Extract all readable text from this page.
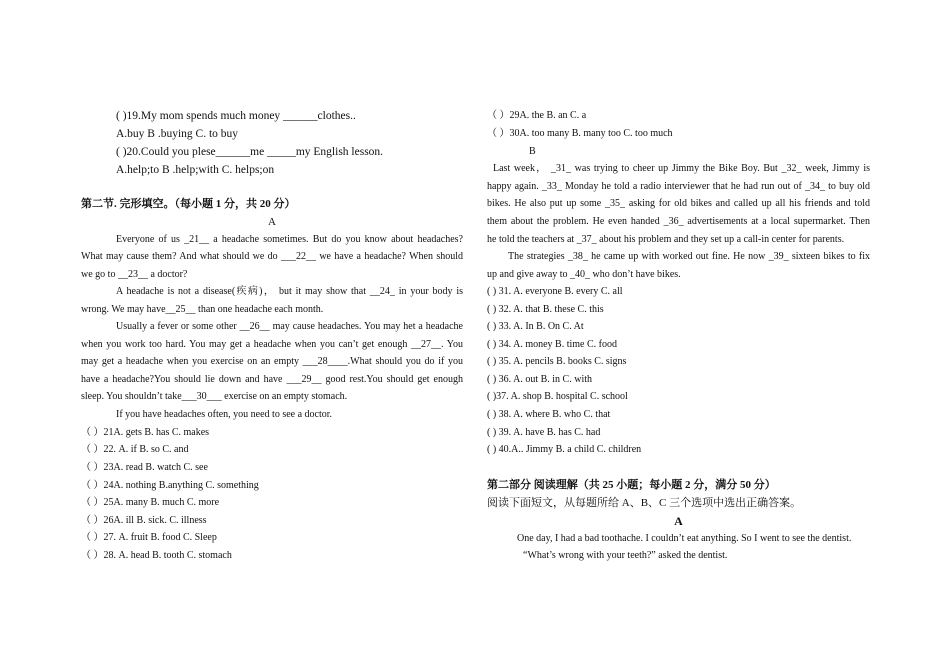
( )19.My mom spends much money ______clothes..
A.buy B .buying C. to buy
( )20.Could you plese______me _____my English lesson.
A.help;to B .help;with C. helps;on
第二节. 完形填空。（每小题 1 分，共 20 分）
A
Everyone of us _21__ a headache sometimes. But do you know about headaches?
What may cause them? And what should we do ___22__ we have a headache? When should
we go to __23__ a doctor?
A headache is not a disease(疾病)， but it may show that __24_ in your body is
wrong. We may have__25__ than one headache each month.
Usually a fever or some other __26__ may cause headaches. You may het a headache
when you work too hard. You may get a headache when you can’t get enough __27__. You
may get a headache when you exercise on an empty ___28____.What should you do if you
have a headache?You should lie down and have ___29__ good rest.You should get enough
sleep. You shouldn’t take___30___ exercise on an empty stomach.
If you have headaches often, you need to see a doctor.
（ ）21A. gets B. has C. makes
（ ）22. A. if B. so C. and
（ ）23A. read B. watch C. see
（ ）24A. nothing B.anything C. something
（ ）25A. many B. much C. more
（ ）26A. ill B. sick. C. illness
（ ）27. A. fruit B. food C. Sleep
（ ）28. A. head B. tooth C. stomach
（ ）29A. the B. an C. a
（ ）30A. too many B. many too C. too much
B
Last week， _31_ was trying to cheer up Jimmy the Bike Boy. But _32_ week, Jimmy is
happy again. _33_ Monday he told a radio interviewer that he had run out of _34_ to buy old
bikes. He also put up some _35_ asking for old bikes and called up all his friends and told
them about the problem. He even handed _36_ advertisements at a local supermarket. Then
he told the teachers at _37_ about his problem and they set up a call-in center for parents.
The strategies _38_ he came up with worked out fine. He now _39_ sixteen bikes to fix
up and give away to _40_ who don’t have bikes.
( ) 31. A. everyone B. every C. all
( ) 32. A. that B. these C. this
( ) 33. A. In B. On C. At
( ) 34. A. money B. time C. food
( ) 35. A. pencils B. books C. signs
( ) 36. A. out B. in C. with
( )37. A. shop B. hospital C. school
( ) 38. A. where B. who C. that
( ) 39. A. have B. has C. had
( ) 40.A.. Jimmy B. a child C. children
第二部分 阅读理解（共 25 小题；每小题 2 分，满分 50 分）
阅读下面短文，从每题所给 A、B、C 三个选项中选出正确答案。
A
One day, I had a bad toothache. I couldn’t eat anything. So I went to see the dentist.
“What’s wrong with your teeth?” asked the dentist.
